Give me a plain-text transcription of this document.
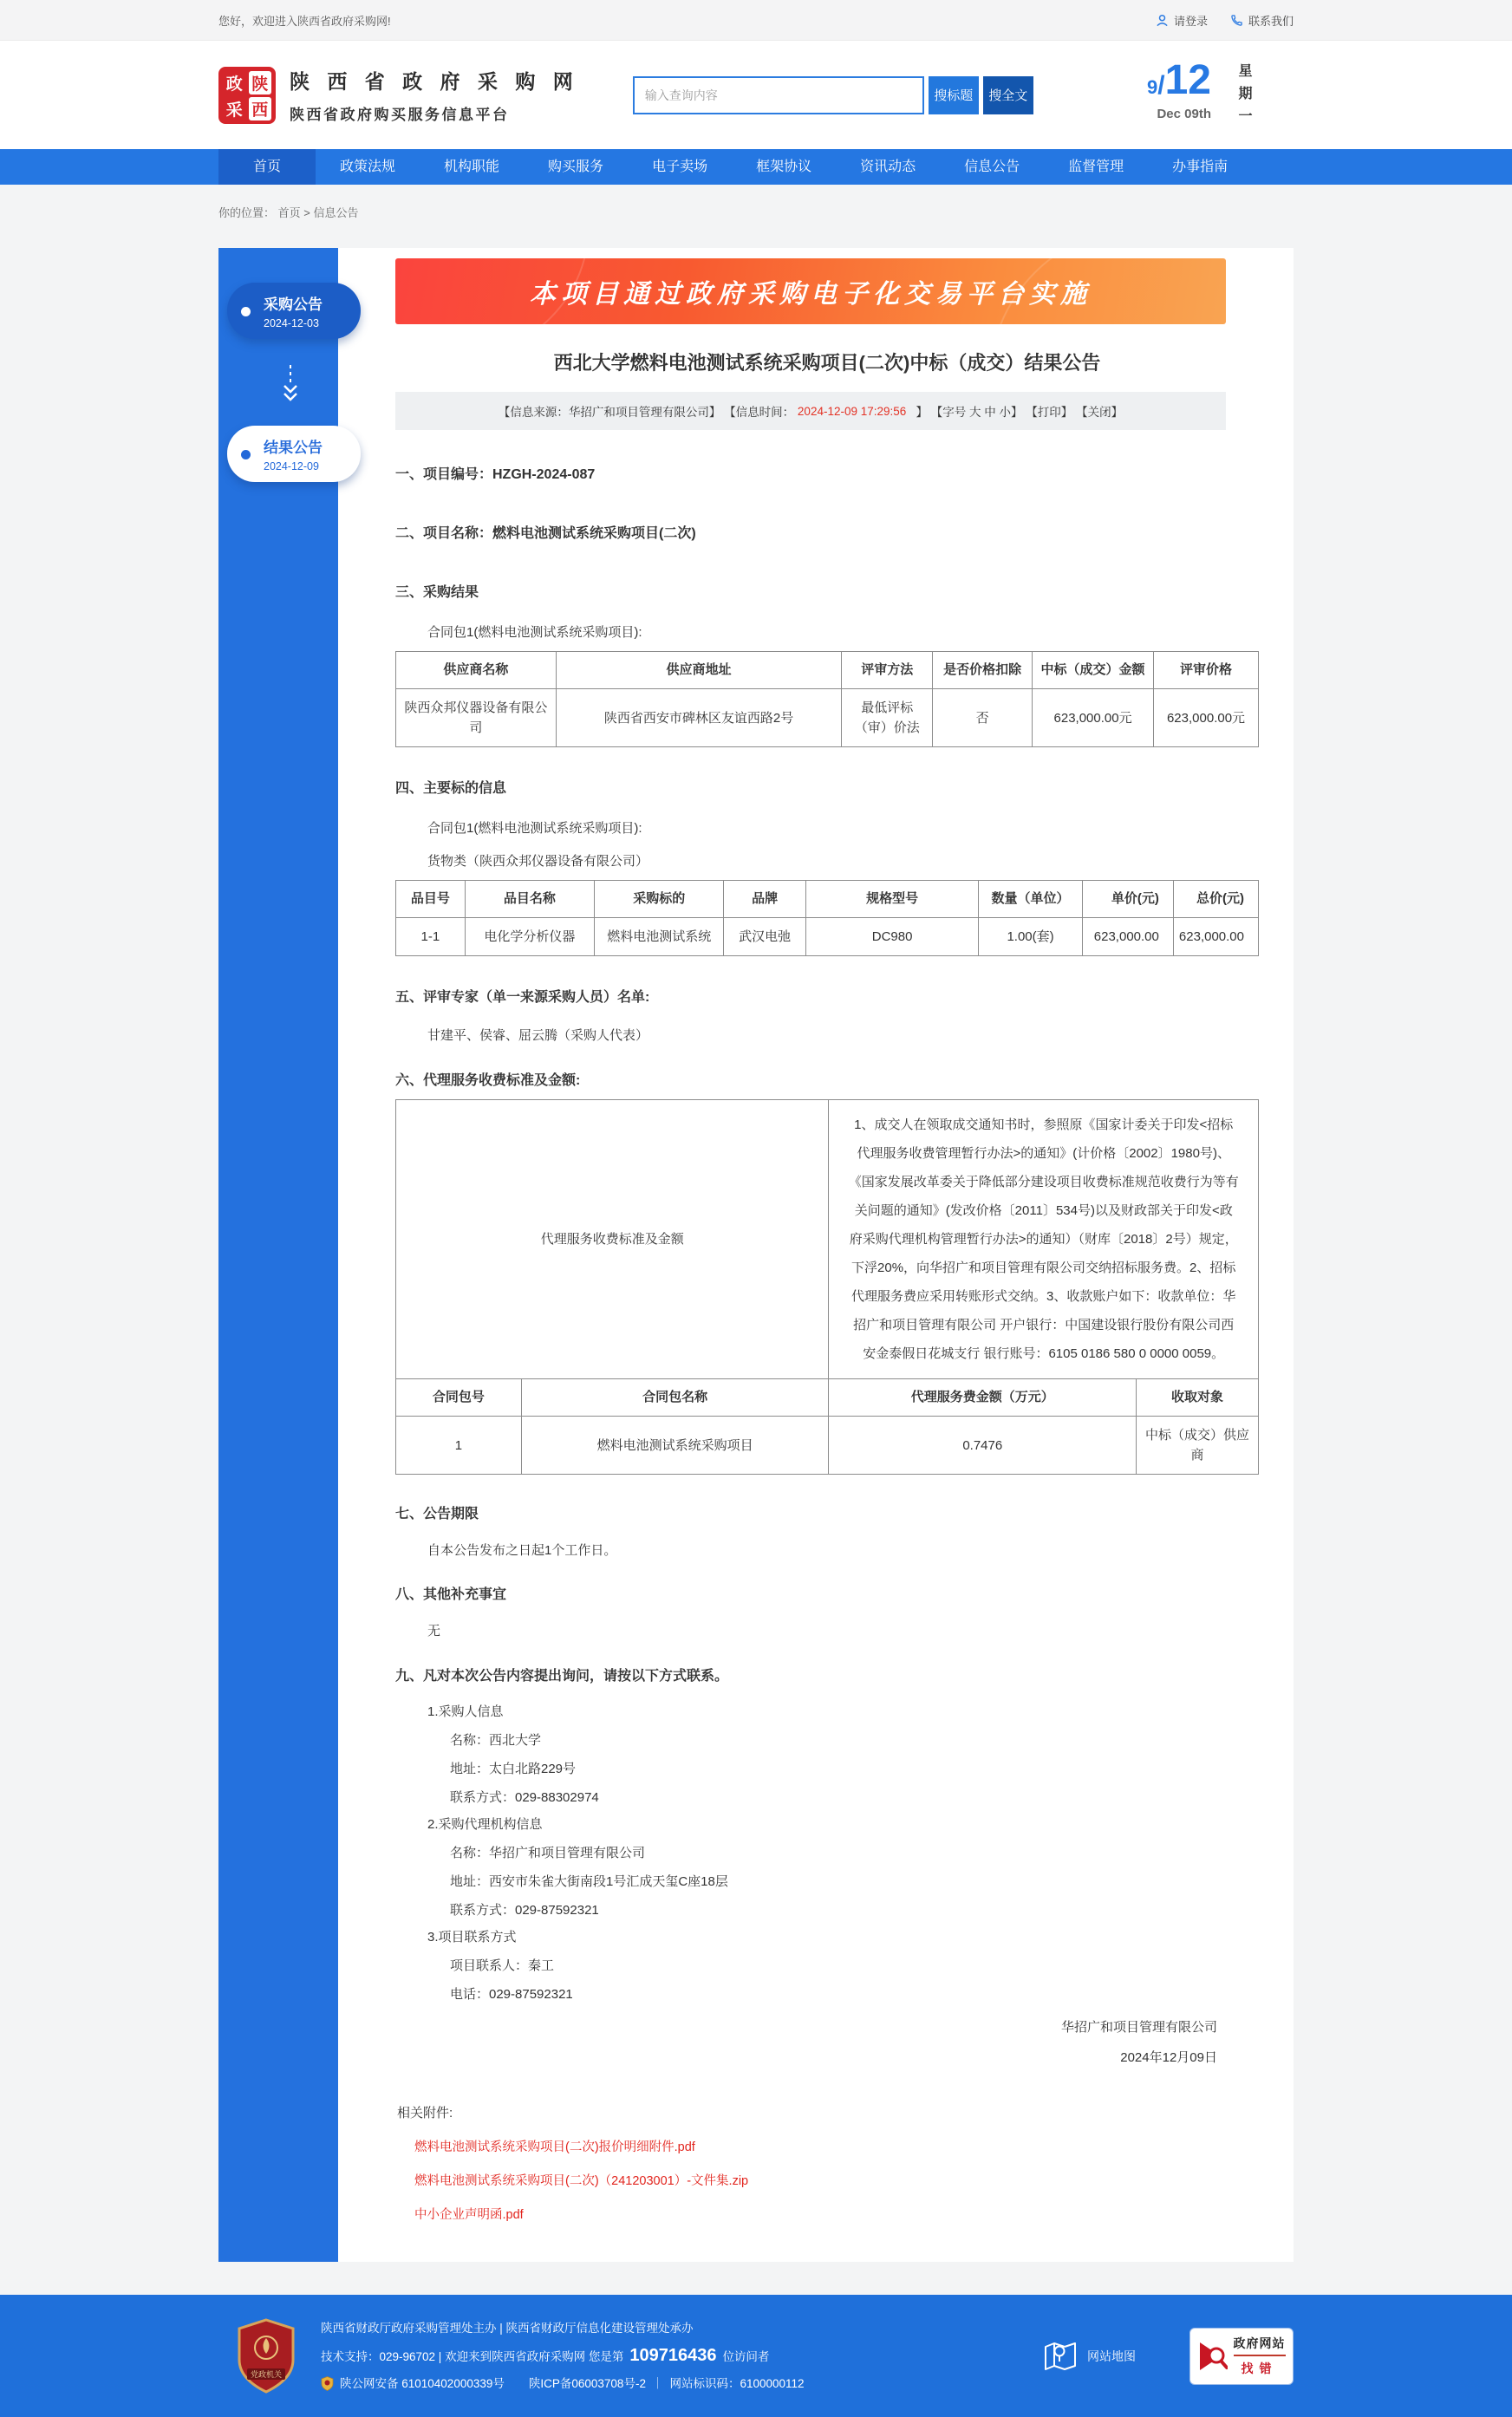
您好，欢迎进入陕西省政府采购网!	请登录	联系我们
政 陕
采 西
陕 西 省 政 府 采 购 网
陕西省政府购买服务信息平台
输入查询内容
搜标题	搜全文	9/12
Dec 09th 星期一
首页	政策法规	机构职能	购买服务	电子卖场	框架协议	资讯动态	信息公告	监督管理	办事指南
你的位置： 首页 > 信息公告
采购公告
2024-12-03
结果公告
2024-12-09
本项目通过政府采购电子化交易平台实施
西北大学燃料电池测试系统采购项目(二次)中标（成交）结果公告
【信息来源：华招广和项目管理有限公司】 【信息时间： 2024-12-09 17:29:56 】 【字号 大 中 小】 【打印】 【关闭】
一、项目编号：HZGH-2024-087
二、项目名称：燃料电池测试系统采购项目(二次)
三、采购结果
合同包1(燃料电池测试系统采购项目):
供应商名称	供应商地址	评审方法	是否价格扣除	中标（成交）金额	评审价格
陕西众邦仪器设备有限公司	陕西省西安市碑林区友谊西路2号	最低评标（审）价法	否	623,000.00元	623,000.00元
四、主要标的信息
合同包1(燃料电池测试系统采购项目):
货物类（陕西众邦仪器设备有限公司）
品目号	品目名称	采购标的	品牌	规格型号	数量（单位）	单价(元)	总价(元)
1-1	电化学分析仪器	燃料电池测试系统	武汉电弛	DC980	1.00(套)	623,000.00	623,000.00
五、评审专家（单一来源采购人员）名单:
甘建平、侯睿、屈云腾（采购人代表）
六、代理服务收费标准及金额:
代理服务收费标准及金额		1、成交人在领取成交通知书时，参照原《国家计委关于印发<招标代理服务收费管理暂行办法>的通知》(计价格〔2002〕1980号)、《国家发展改革委关于降低部分建设项目收费标准规范收费行为等有关问题的通知》(发改价格〔2011〕534号)以及财政部关于印发<政府采购代理机构管理暂行办法>的通知）（财库〔2018〕2号）规定，下浮20%，向华招广和项目管理有限公司交纳招标服务费。2、招标代理服务费应采用转账形式交纳。3、收款账户如下：收款单位：华招广和项目管理有限公司 开户银行：中国建设银行股份有限公司西安金泰假日花城支行 银行账号：6105 0186 580 0 0000 0059。	
合同包号	合同包名称	代理服务费金额（万元）	收取对象
1	燃料电池测试系统采购项目	0.7476	中标（成交）供应商
七、公告期限
自本公告发布之日起1个工作日。
八、其他补充事宜
无
九、凡对本次公告内容提出询问，请按以下方式联系。
1.采购人信息
名称：西北大学
地址：太白北路229号
联系方式：029-88302974
2.采购代理机构信息
名称：华招广和项目管理有限公司
地址：西安市朱雀大街南段1号汇成天玺C座18层
联系方式：029-87592321
3.项目联系方式
项目联系人：秦工
电话：029-87592321
华招广和项目管理有限公司
2024年12月09日
相关附件:
燃料电池测试系统采购项目(二次)报价明细附件.pdf
燃料电池测试系统采购项目(二次)（241203001）-文件集.zip
中小企业声明函.pdf
党政机关
陕西省财政厅政府采购管理处主办 | 陕西省财政厅信息化建设管理处承办
技术支持：029-96702 | 欢迎来到陕西省政府采购网 您是第 109716436 位访问者
陕公网安备 61010402000339号 陕ICP备06003708号-2 ｜ 网站标识码：6100000112
网站地图
政府网站
找错
